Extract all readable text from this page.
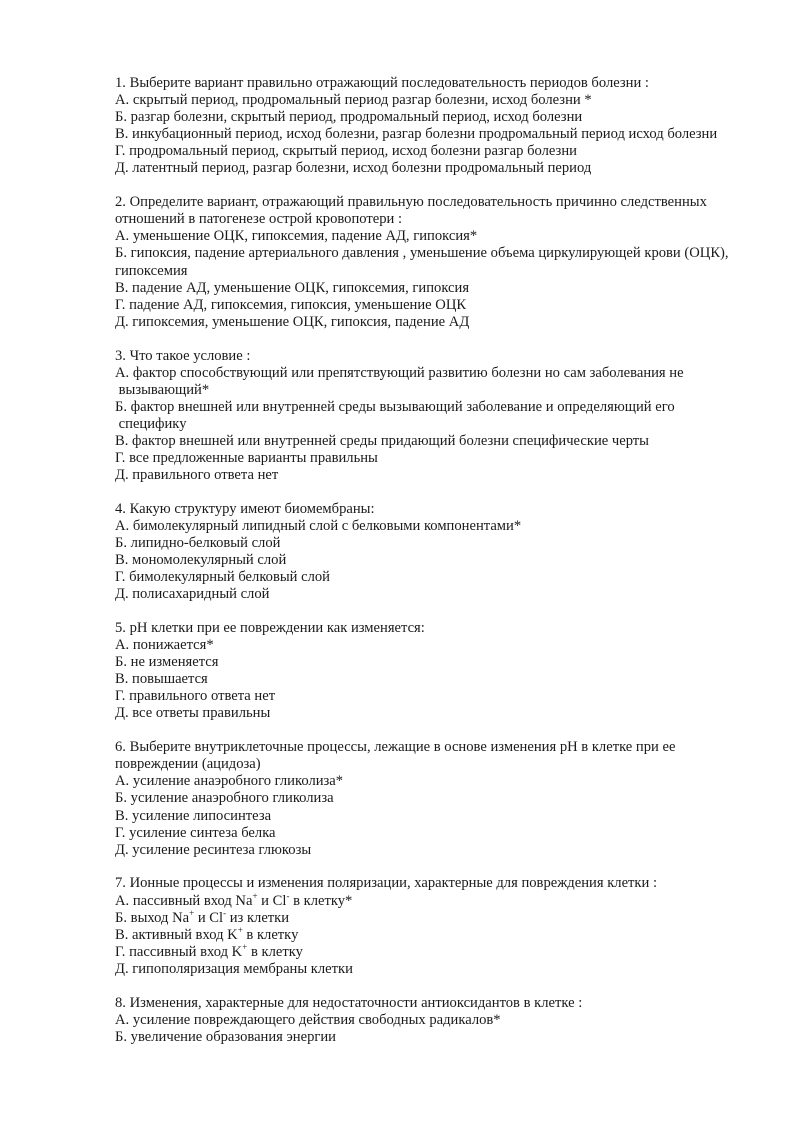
1. Выберите вариант правильно отражающий последовательность периодов болезни :
А. скрытый период, продромальный период разгар болезни, исход болезни *
Б. разгар болезни, скрытый период, продромальный период, исход болезни
В. инкубационный период, исход болезни, разгар болезни продромальный период исход болезни
Г. продромальный период, скрытый период, исход болезни разгар болезни
Д. латентный период, разгар болезни, исход болезни продромальный период
2. Определите вариант, отражающий правильную последовательность причинно следственных
отношений в патогенезе острой кровопотери :
А. уменьшение ОЦК, гипоксемия, падение АД, гипоксия*
Б. гипоксия, падение артериального давления , уменьшение объема циркулирующей крови (ОЦК),
гипоксемия
В. падение АД, уменьшение ОЦК, гипоксемия, гипоксия
Г. падение АД, гипоксемия, гипоксия, уменьшение ОЦК
Д. гипоксемия, уменьшение ОЦК, гипоксия, падение АД
3. Что такое условие :
А. фактор способствующий или препятствующий развитию болезни но сам заболевания не
вызывающий*
Б. фактор внешней или внутренней среды вызывающий заболевание и определяющий его
специфику
В. фактор внешней или внутренней среды придающий болезни специфические черты
Г. все предложенные варианты правильны
Д. правильного ответа нет
4. Какую структуру имеют биомембраны:
А. бимолекулярный липидный слой с белковыми компонентами*
Б. липидно-белковый слой
В. мономолекулярный слой
Г. бимолекулярный белковый слой
Д. полисахаридный слой
5. pH клетки при ее повреждении как изменяется:
А. понижается*
Б. не изменяется
В. повышается
Г. правильного ответа нет
Д. все ответы правильны
6. Выберите внутриклеточные процессы, лежащие в основе изменения pH в клетке при ее
повреждении (ацидоза)
А. усиление анаэробного гликолиза*
Б. усиление анаэробного гликолиза
В. усиление липосинтеза
Г. усиление синтеза белка
Д. усиление ресинтеза глюкозы
7. Ионные процессы и изменения поляризации, характерные для повреждения клетки :
А. пассивный вход Na+ и Cl- в клетку*
Б. выход Na+ и Cl- из клетки
В. активный вход K+ в клетку
Г. пассивный вход K+ в клетку
Д. гипополяризация мембраны клетки
8. Изменения, характерные для недостаточности антиоксидантов в клетке :
А. усиление повреждающего действия свободных радикалов*
Б. увеличение образования энергии
